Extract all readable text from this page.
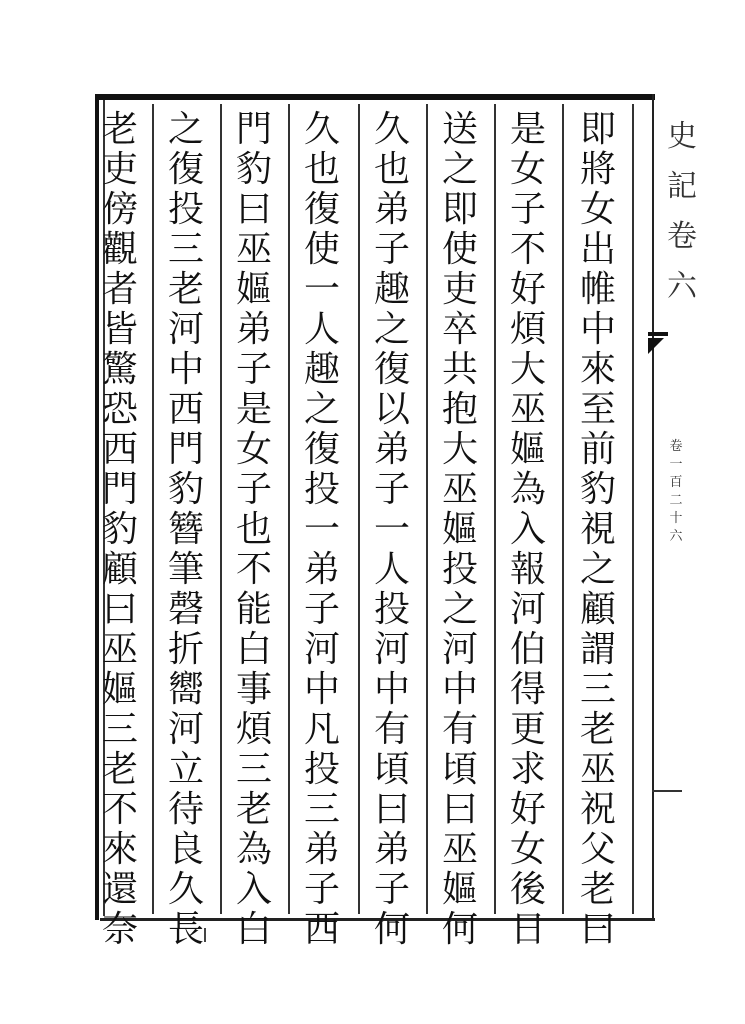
即
將
女
出
帷
中
來
至
前
豹
視
之
顧
謂
三
老
巫
祝
父
老
曰
是
女
子
不
好
煩
大
巫
嫗
為
入
報
河
伯
得
更
求
好
女
後
日
送
之
即
使
吏
卒
共
抱
大
巫
嫗
投
之
河
中
有
頃
曰
巫
嫗
何
久
也
弟
子
趣
之
復
以
弟
子
一
人
投
河
中
有
頃
曰
弟
子
何
久
也
復
使
一
人
趣
之
復
投
一
弟
子
河
中
凡
投
三
弟
子
西
門
豹
曰
巫
嫗
弟
子
是
女
子
也
不
能
白
事
煩
三
老
為
入
白
之
復
投
三
老
河
中
西
門
豹
簪
筆
磬
折
嚮
河
立
待
良
久
長
老
吏
傍
觀
者
皆
驚
恐
西
門
豹
顧
曰
巫
嫗
三
老
不
來
還
奈
史
記
卷
六
卷
一
百
二
十
六
